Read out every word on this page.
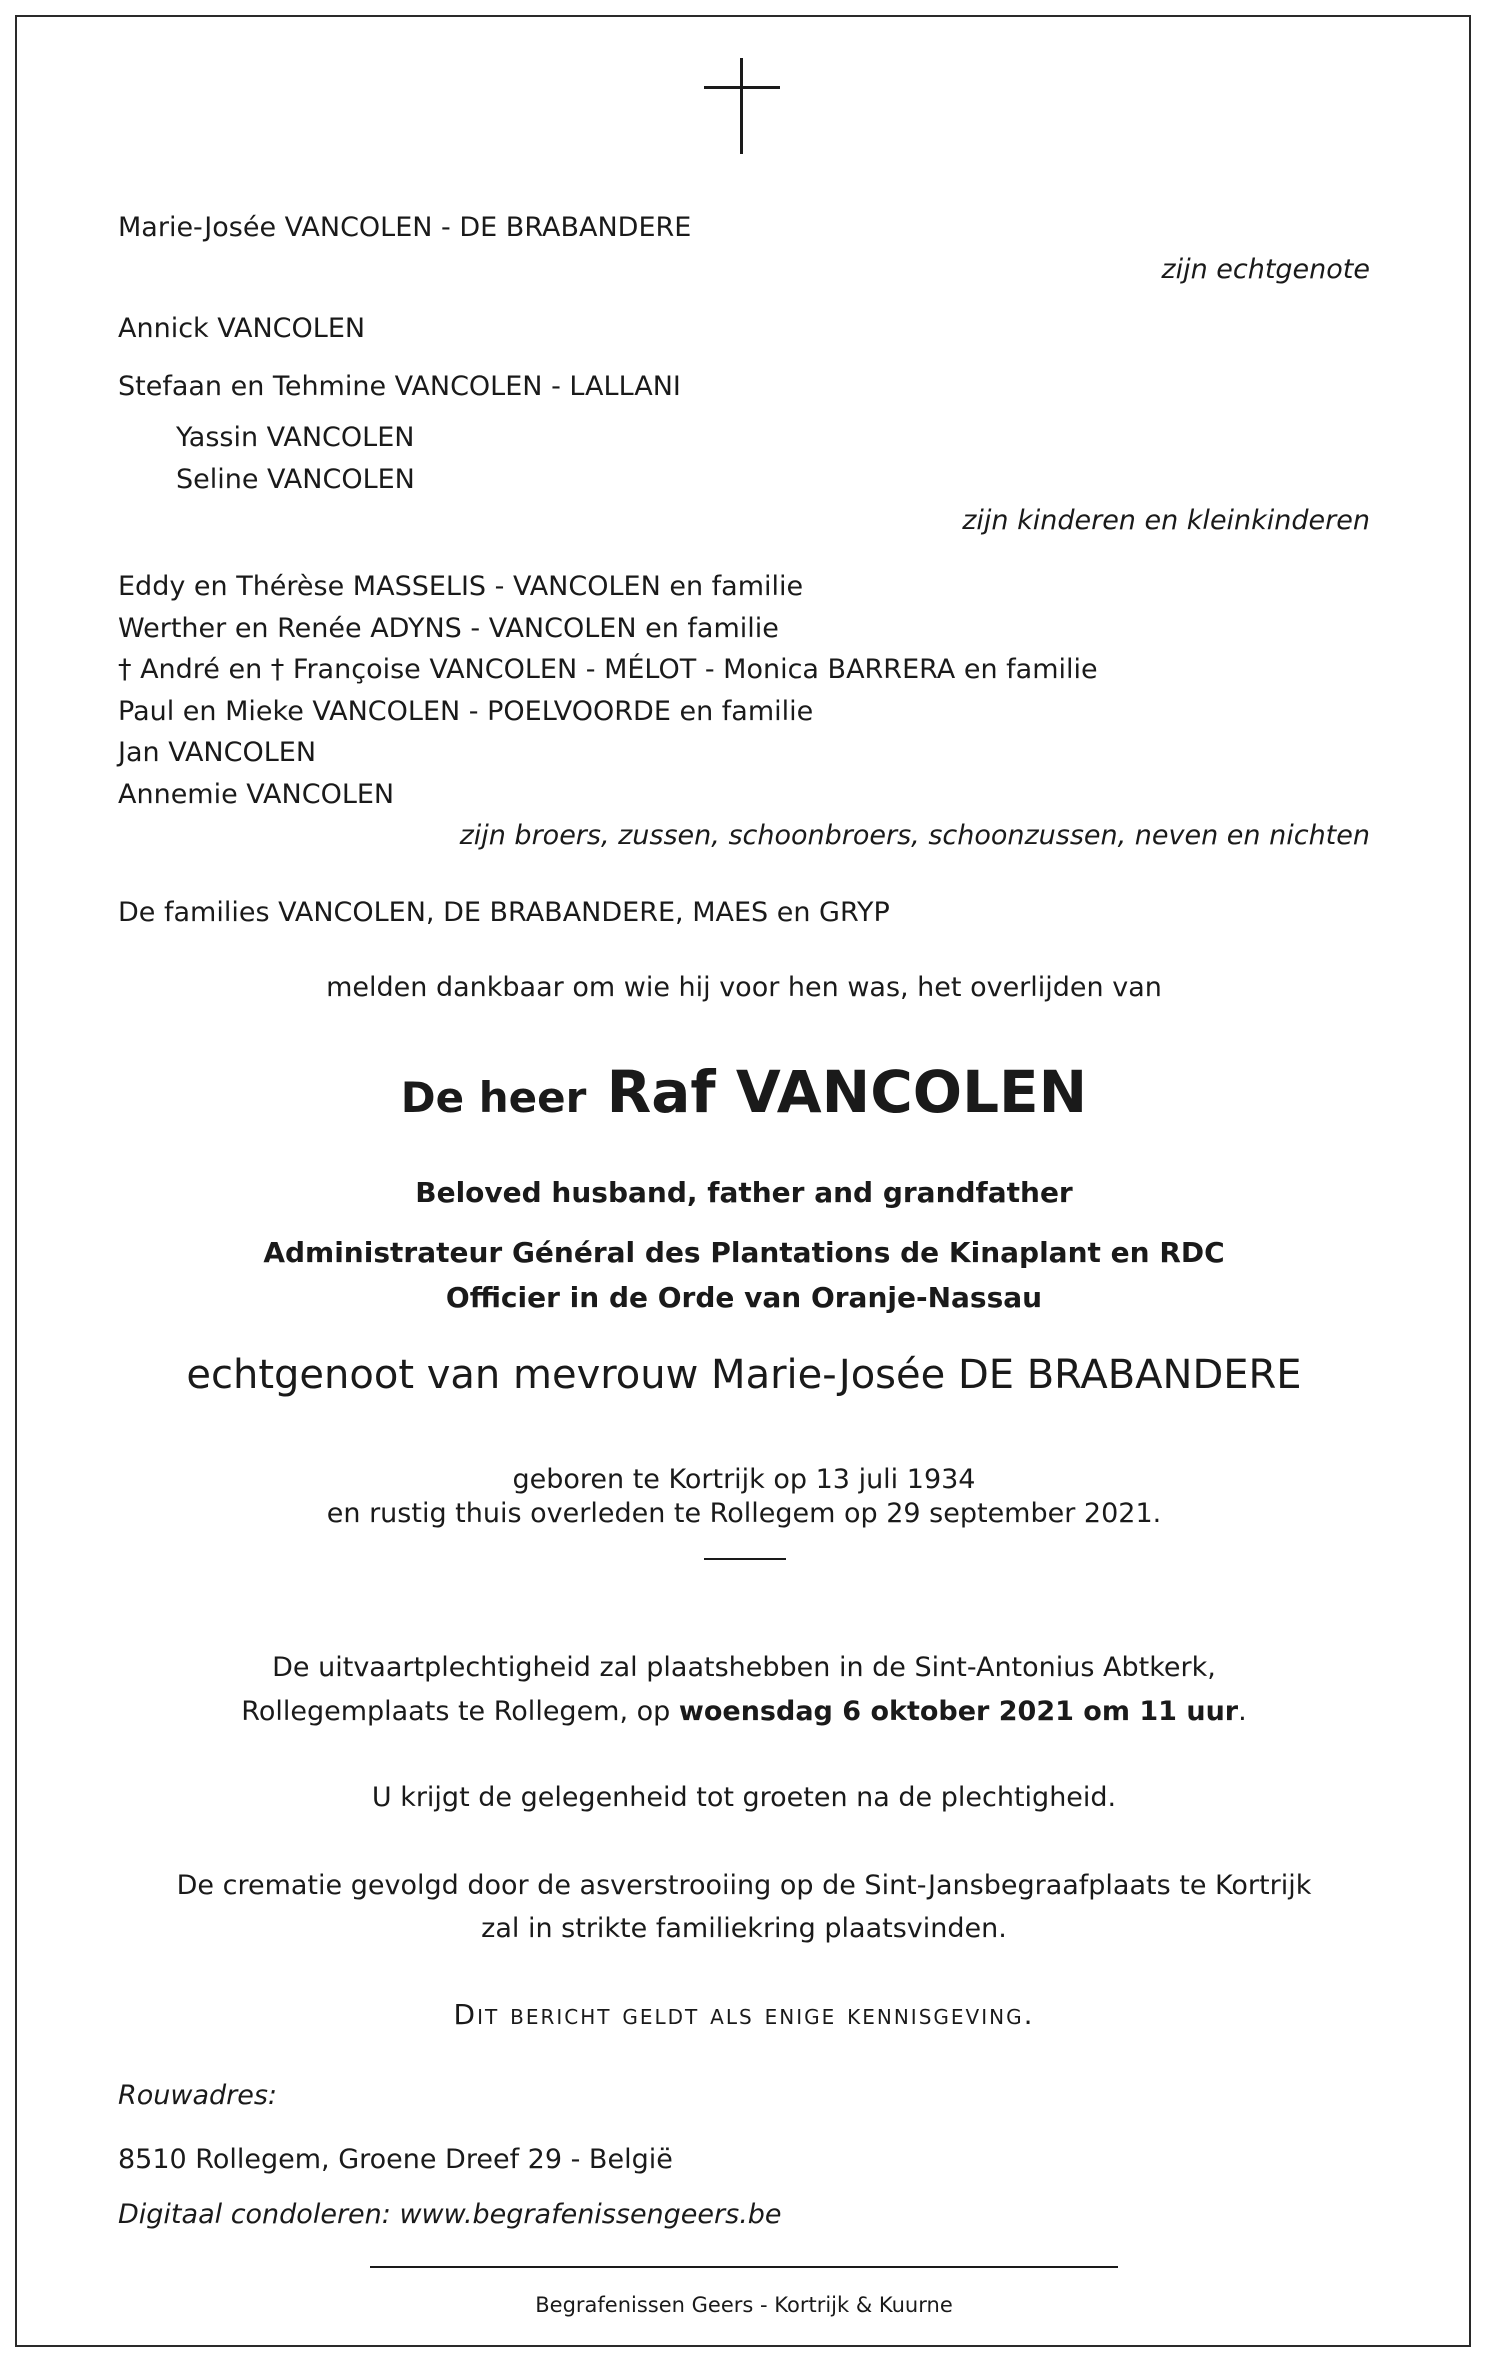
Marie-Josée VANCOLEN - DE BRABANDERE
zijn echtgenote
Annick VANCOLEN
Stefaan en Tehmine VANCOLEN - LALLANI
Yassin VANCOLEN
Seline VANCOLEN
zijn kinderen en kleinkinderen
Eddy en Thérèse MASSELIS - VANCOLEN en familie
Werther en Renée ADYNS - VANCOLEN en familie
† André en † Françoise VANCOLEN - MÉLOT - Monica BARRERA en familie
Paul en Mieke VANCOLEN - POELVOORDE en familie
Jan VANCOLEN
Annemie VANCOLEN
zijn broers, zussen, schoonbroers, schoonzussen, neven en nichten
De families VANCOLEN, DE BRABANDERE, MAES en GRYP
melden dankbaar om wie hij voor hen was, het overlijden van
De heer Raf VANCOLEN
Beloved husband, father and grandfather
Administrateur Général des Plantations de Kinaplant en RDC
Officier in de Orde van Oranje-Nassau
echtgenoot van mevrouw Marie-Josée DE BRABANDERE
geboren te Kortrijk op 13 juli 1934
en rustig thuis overleden te Rollegem op 29 september 2021.
De uitvaartplechtigheid zal plaatshebben in de Sint-Antonius Abtkerk,
Rollegemplaats te Rollegem, op woensdag 6 oktober 2021 om 11 uur.
U krijgt de gelegenheid tot groeten na de plechtigheid.
De crematie gevolgd door de asverstrooiing op de Sint-Jansbegraafplaats te Kortrijk
zal in strikte familiekring plaatsvinden.
Dit bericht geldt als enige kennisgeving.
Rouwadres:
8510 Rollegem, Groene Dreef 29 - België
Digitaal condoleren: www.begrafenissengeers.be
Begrafenissen Geers - Kortrijk & Kuurne
